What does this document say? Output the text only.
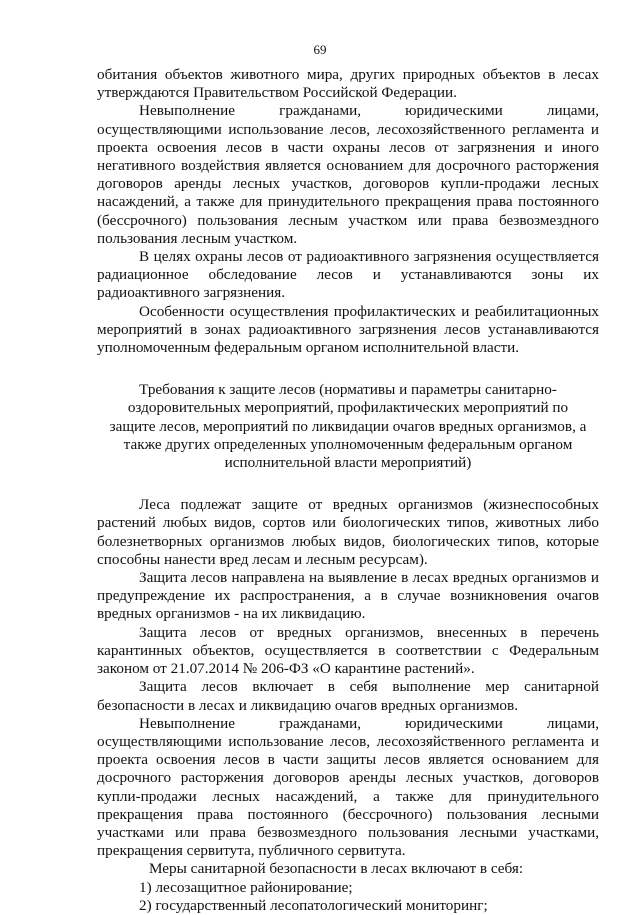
69

обитания объектов животного мира, других природных объектов в лесах утверждаются Правительством Российской Федерации.

Невыполнение гражданами, юридическими лицами, осуществляющими использование лесов, лесохозяйственного регламента и проекта освоения лесов в части охраны лесов от загрязнения и иного негативного воздействия является основанием для досрочного расторжения договоров аренды лесных участков, договоров купли-продажи лесных насаждений, а также для принудительного прекращения права постоянного (бессрочного) пользования лесным участком или права безвозмездного пользования лесным участком.

В целях охраны лесов от радиоактивного загрязнения осуществляется радиационное обследование лесов и устанавливаются зоны их радиоактивного загрязнения.

Особенности осуществления профилактических и реабилитационных мероприятий в зонах радиоактивного загрязнения лесов устанавливаются уполномоченным федеральным органом исполнительной власти.

Требования к защите лесов (нормативы и параметры санитарно-оздоровительных мероприятий, профилактических мероприятий по защите лесов, мероприятий по ликвидации очагов вредных организмов, а также других определенных уполномоченным федеральным органом исполнительной власти мероприятий)

Леса подлежат защите от вредных организмов (жизнеспособных растений любых видов, сортов или биологических типов, животных либо болезнетворных организмов любых видов, биологических типов, которые способны нанести вред лесам и лесным ресурсам).

Защита лесов направлена на выявление в лесах вредных организмов и предупреждение их распространения, а в случае возникновения очагов вредных организмов - на их ликвидацию.

Защита лесов от вредных организмов, внесенных в перечень карантинных объектов, осуществляется в соответствии с Федеральным законом от 21.07.2014 № 206-ФЗ «О карантине растений».

Защита лесов включает в себя выполнение мер санитарной безопасности в лесах и ликвидацию очагов вредных организмов.

Невыполнение гражданами, юридическими лицами, осуществляющими использование лесов, лесохозяйственного регламента и проекта освоения лесов в части защиты лесов является основанием для досрочного расторжения договоров аренды лесных участков, договоров купли-продажи лесных насаждений, а также для принудительного прекращения права постоянного (бессрочного) пользования лесными участками или права безвозмездного пользования лесными участками, прекращения сервитута, публичного сервитута.

Меры санитарной безопасности в лесах включают в себя:

1) лесозащитное районирование;

2) государственный лесопатологический мониторинг;
